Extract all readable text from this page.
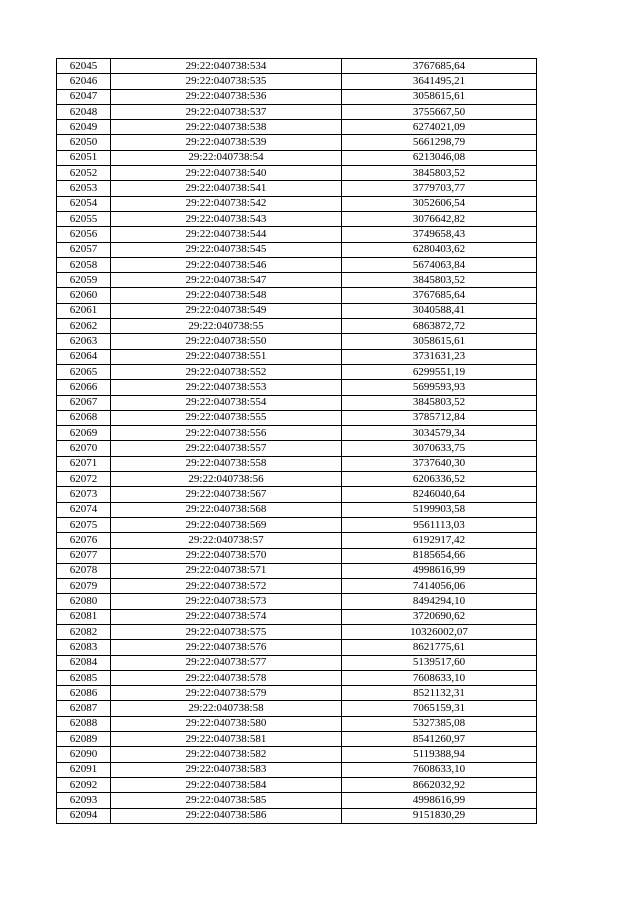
62045	29:22:040738:534	3767685,64
62046	29:22:040738:535	3641495,21
62047	29:22:040738:536	3058615,61
62048	29:22:040738:537	3755667,50
62049	29:22:040738:538	6274021,09
62050	29:22:040738:539	5661298,79
62051	29:22:040738:54	6213046,08
62052	29:22:040738:540	3845803,52
62053	29:22:040738:541	3779703,77
62054	29:22:040738:542	3052606,54
62055	29:22:040738:543	3076642,82
62056	29:22:040738:544	3749658,43
62057	29:22:040738:545	6280403,62
62058	29:22:040738:546	5674063,84
62059	29:22:040738:547	3845803,52
62060	29:22:040738:548	3767685,64
62061	29:22:040738:549	3040588,41
62062	29:22:040738:55	6863872,72
62063	29:22:040738:550	3058615,61
62064	29:22:040738:551	3731631,23
62065	29:22:040738:552	6299551,19
62066	29:22:040738:553	5699593,93
62067	29:22:040738:554	3845803,52
62068	29:22:040738:555	3785712,84
62069	29:22:040738:556	3034579,34
62070	29:22:040738:557	3070633,75
62071	29:22:040738:558	3737640,30
62072	29:22:040738:56	6206336,52
62073	29:22:040738:567	8246040,64
62074	29:22:040738:568	5199903,58
62075	29:22:040738:569	9561113,03
62076	29:22:040738:57	6192917,42
62077	29:22:040738:570	8185654,66
62078	29:22:040738:571	4998616,99
62079	29:22:040738:572	7414056,06
62080	29:22:040738:573	8494294,10
62081	29:22:040738:574	3720690,62
62082	29:22:040738:575	10326002,07
62083	29:22:040738:576	8621775,61
62084	29:22:040738:577	5139517,60
62085	29:22:040738:578	7608633,10
62086	29:22:040738:579	8521132,31
62087	29:22:040738:58	7065159,31
62088	29:22:040738:580	5327385,08
62089	29:22:040738:581	8541260,97
62090	29:22:040738:582	5119388,94
62091	29:22:040738:583	7608633,10
62092	29:22:040738:584	8662032,92
62093	29:22:040738:585	4998616,99
62094	29:22:040738:586	9151830,29
